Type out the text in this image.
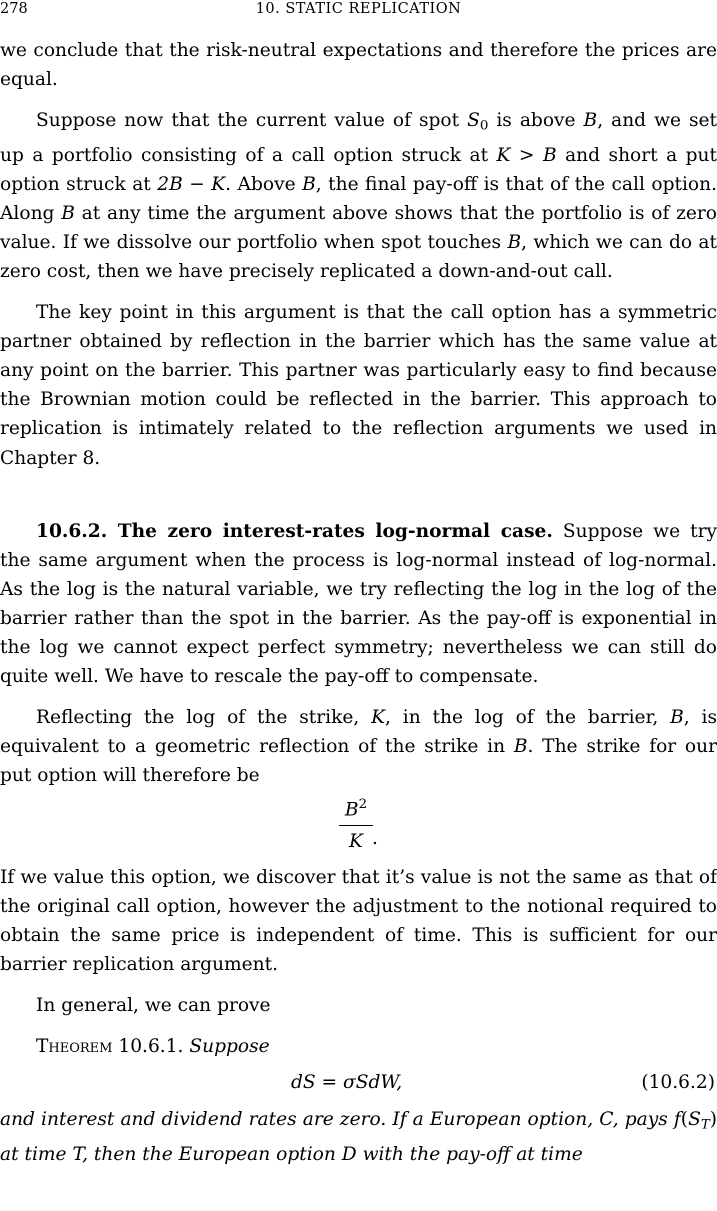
278	10. STATIC REPLICATION

we conclude that the risk-neutral expectations and therefore the prices are equal.

Suppose now that the current value of spot $S_0$ is above B, and we set up a portfolio consisting of a call option struck at K > B and short a put option struck at 2B − K. Above B, the final pay-off is that of the call option. Along B at any time the argument above shows that the portfolio is of zero value. If we dissolve our portfolio when spot touches B, which we can do at zero cost, then we have precisely replicated a down-and-out call.

The key point in this argument is that the call option has a symmetric partner obtained by reflection in the barrier which has the same value at any point on the barrier. This partner was particularly easy to find because the Brownian motion could be reflected in the barrier. This approach to replication is intimately related to the reflection arguments we used in Chapter 8.

10.6.2. The zero interest-rates log-normal case. Suppose we try the same argument when the process is log-normal instead of log-normal. As the log is the natural variable, we try reflecting the log in the log of the barrier rather than the spot in the barrier. As the pay-off is exponential in the log we cannot expect perfect symmetry; nevertheless we can still do quite well. We have to rescale the pay-off to compensate.

Reflecting the log of the strike, K, in the log of the barrier, B, is equivalent to a geometric reflection of the strike in B. The strike for our put option will therefore be

$\frac{B^2}{K}$ .

If we value this option, we discover that it’s value is not the same as that of the original call option, however the adjustment to the notional required to obtain the same price is independent of time. This is sufficient for our barrier replication argument.

In general, we can prove

Theorem 10.6.1. Suppose

dS = σSdW,	(10.6.2)

and interest and dividend rates are zero. If a European option, C, pays $f(S_T)$ at time T, then the European option D with the pay-off at time
